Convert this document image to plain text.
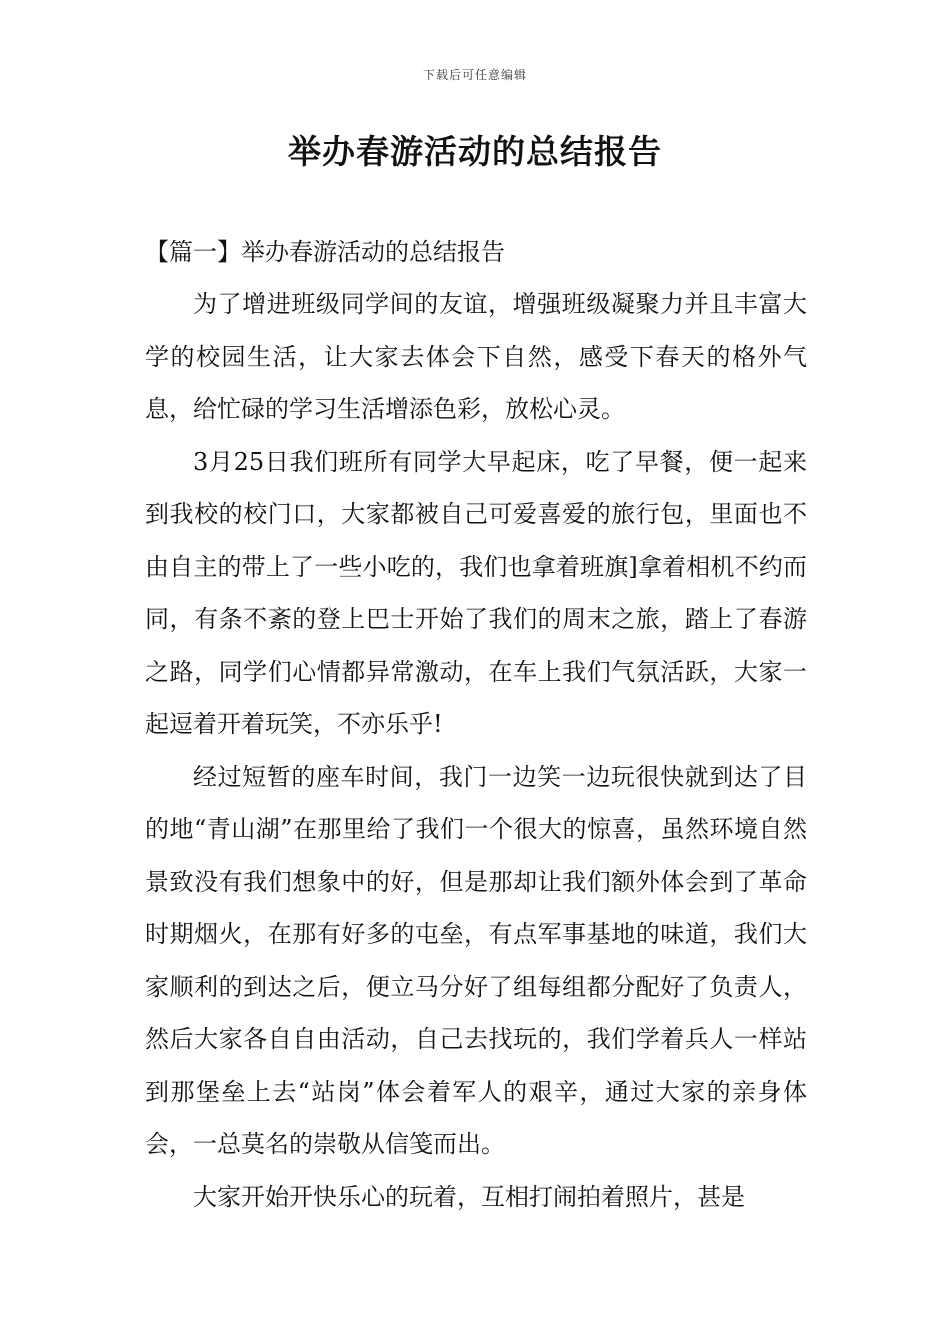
下载后可任意编辑
举办春游活动的总结报告

【篇一】举办春游活动的总结报告

为了增进班级同学间的友谊，增强班级凝聚力并且丰富大学的校园生活，让大家去体会下自然，感受下春天的格外气息，给忙碌的学习生活增添色彩，放松心灵。

3月25日我们班所有同学大早起床，吃了早餐，便一起来到我校的校门口，大家都被自己可爱喜爱的旅行包，里面也不由自主的带上了一些小吃的，我们也拿着班旗]拿着相机不约而同，有条不紊的登上巴士开始了我们的周末之旅，踏上了春游之路，同学们心情都异常激动，在车上我们气氛活跃，大家一起逗着开着玩笑，不亦乐乎!

经过短暂的座车时间，我门一边笑一边玩很快就到达了目的地“青山湖”在那里给了我们一个很大的惊喜，虽然环境自然景致没有我们想象中的好，但是那却让我们额外体会到了革命时期烟火，在那有好多的屯垒，有点军事基地的味道，我们大家顺利的到达之后，便立马分好了组每组都分配好了负责人，然后大家各自自由活动，自己去找玩的，我们学着兵人一样站到那堡垒上去“站岗”体会着军人的艰辛，通过大家的亲身体会，一总莫名的崇敬从信笺而出。

大家开始开快乐心的玩着，互相打闹拍着照片，甚是
